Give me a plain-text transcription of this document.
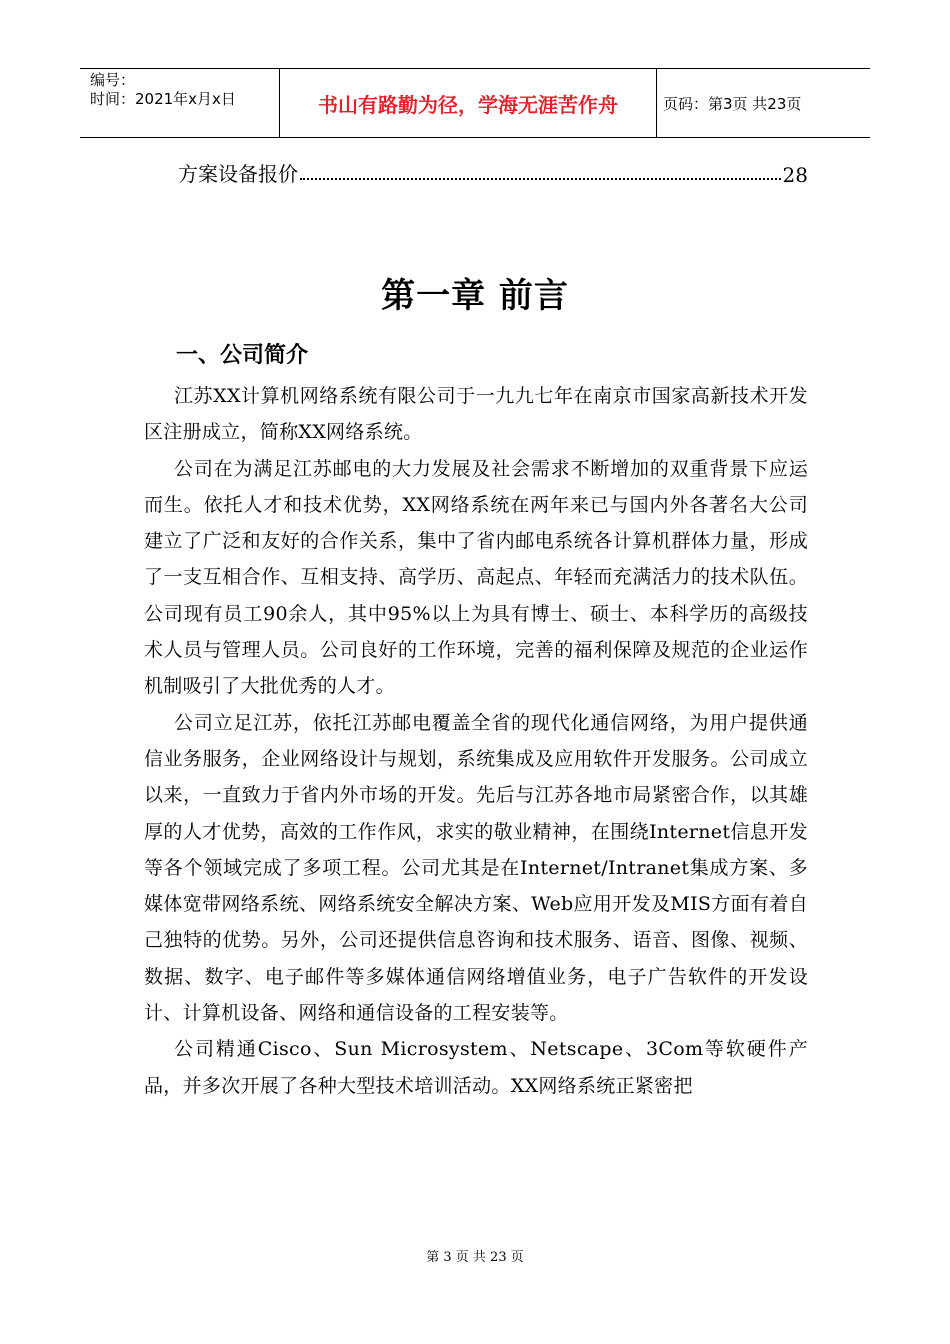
编号：
时间：2021年x月x日	书山有路勤为径，学海无涯苦作舟	页码：第3页 共23页
方案设备报价	28
第一章 前言
一、公司简介

江苏XX计算机网络系统有限公司于一九九七年在南京市国家高新技术开发区注册成立，简称XX网络系统。

公司在为满足江苏邮电的大力发展及社会需求不断增加的双重背景下应运而生。依托人才和技术优势，XX网络系统在两年来已与国内外各著名大公司建立了广泛和友好的合作关系，集中了省内邮电系统各计算机群体力量，形成了一支互相合作、互相支持、高学历、高起点、年轻而充满活力的技术队伍。公司现有员工90余人，其中95%以上为具有博士、硕士、本科学历的高级技术人员与管理人员。公司良好的工作环境，完善的福利保障及规范的企业运作机制吸引了大批优秀的人才。

公司立足江苏，依托江苏邮电覆盖全省的现代化通信网络，为用户提供通信业务服务，企业网络设计与规划，系统集成及应用软件开发服务。公司成立以来，一直致力于省内外市场的开发。先后与江苏各地市局紧密合作，以其雄厚的人才优势，高效的工作作风，求实的敬业精神，在围绕Internet信息开发等各个领域完成了多项工程。公司尤其是在Internet/Intranet集成方案、多媒体宽带网络系统、网络系统安全解决方案、Web应用开发及MIS方面有着自己独特的优势。另外，公司还提供信息咨询和技术服务、语音、图像、视频、数据、数字、电子邮件等多媒体通信网络增值业务，电子广告软件的开发设计、计算机设备、网络和通信设备的工程安装等。

公司精通Cisco、Sun Microsystem、Netscape、3Com等软硬件产品，并多次开展了各种大型技术培训活动。XX网络系统正紧密把

第 3 页 共 23 页
